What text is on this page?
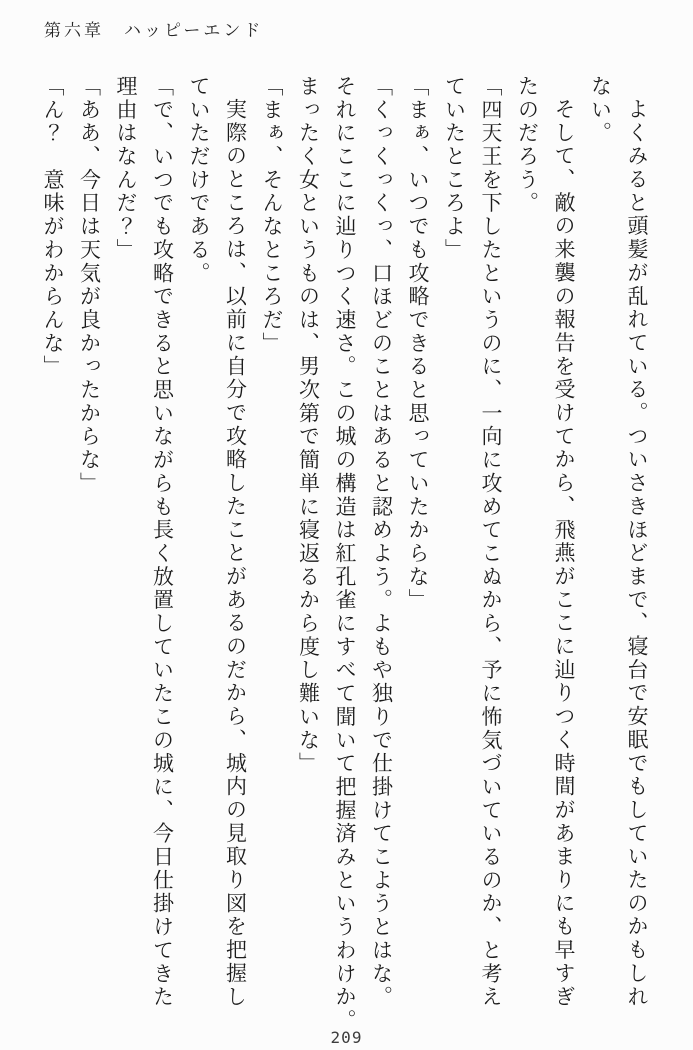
第六章　ハッピーエンド
よくみると頭髪が乱れている。ついさきほどまで、寝台で安眠でもしていたのかもしれ
ない。
そして、敵の来襲の報告を受けてから、飛燕がここに辿りつく時間があまりにも早すぎ
たのだろう。
「四天王を下したというのに、一向に攻めてこぬから、予に怖気づいているのか、と考え
ていたところよ」
「まぁ、いつでも攻略できると思っていたからな」
「くっくっくっ、口ほどのことはあると認めよう。よもや独りで仕掛けてこようとはな。
それにここに辿りつく速さ。この城の構造は紅孔雀にすべて聞いて把握済みというわけか。
まったく女というものは、男次第で簡単に寝返るから度し難いな」
「まぁ、そんなところだ」
実際のところは、以前に自分で攻略したことがあるのだから、城内の見取り図を把握し
ていただけである。
「で、いつでも攻略できると思いながらも長く放置していたこの城に、今日仕掛けてきた
理由はなんだ？」
「ああ、今日は天気が良かったからな」
「ん？　意味がわからんな」
209
